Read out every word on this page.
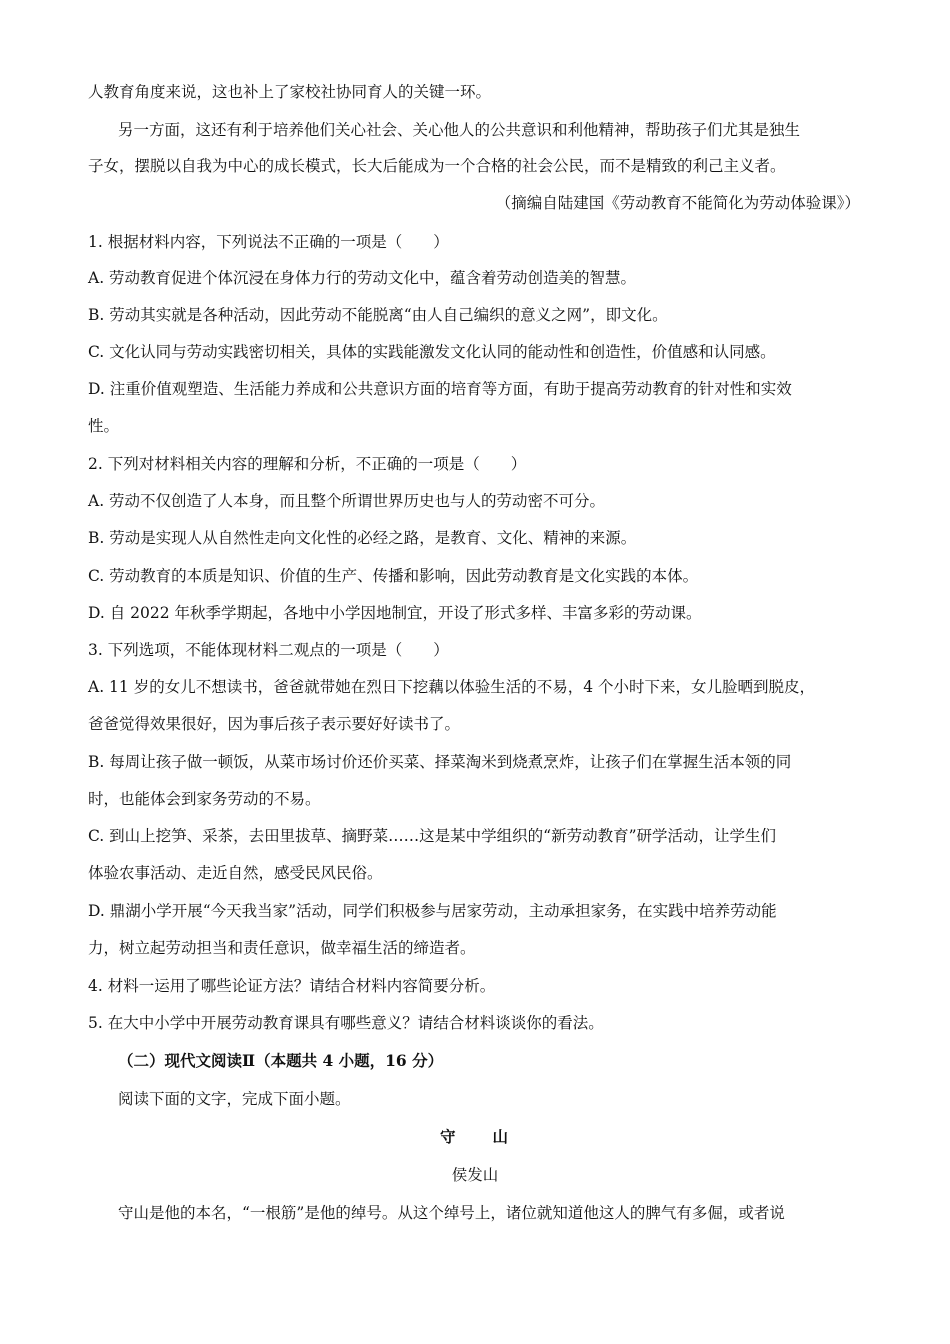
人教育角度来说，这也补上了家校社协同育人的关键一环。
另一方面，这还有利于培养他们关心社会、关心他人的公共意识和利他精神，帮助孩子们尤其是独生
子女，摆脱以自我为中心的成长模式，长大后能成为一个合格的社会公民，而不是精致的利己主义者。
（摘编自陆建国《劳动教育不能简化为劳动体验课》）
1. 根据材料内容，下列说法不正确的一项是（　　）
A. 劳动教育促进个体沉浸在身体力行的劳动文化中，蕴含着劳动创造美的智慧。
B. 劳动其实就是各种活动，因此劳动不能脱离“由人自己编织的意义之网”，即文化。
C. 文化认同与劳动实践密切相关，具体的实践能激发文化认同的能动性和创造性，价值感和认同感。
D. 注重价值观塑造、生活能力养成和公共意识方面的培育等方面，有助于提高劳动教育的针对性和实效
性。
2. 下列对材料相关内容的理解和分析，不正确的一项是（　　）
A. 劳动不仅创造了人本身，而且整个所谓世界历史也与人的劳动密不可分。
B. 劳动是实现人从自然性走向文化性的必经之路，是教育、文化、精神的来源。
C. 劳动教育的本质是知识、价值的生产、传播和影响，因此劳动教育是文化实践的本体。
D. 自 2022 年秋季学期起，各地中小学因地制宜，开设了形式多样、丰富多彩的劳动课。
3. 下列选项，不能体现材料二观点的一项是（　　）
A. 11 岁的女儿不想读书，爸爸就带她在烈日下挖藕以体验生活的不易，4 个小时下来，女儿脸晒到脱皮，
爸爸觉得效果很好，因为事后孩子表示要好好读书了。
B. 每周让孩子做一顿饭，从菜市场讨价还价买菜、择菜淘米到烧煮烹炸，让孩子们在掌握生活本领的同
时，也能体会到家务劳动的不易。
C. 到山上挖笋、采茶，去田里拔草、摘野菜……这是某中学组织的“新劳动教育”研学活动，让学生们
体验农事活动、走近自然，感受民风民俗。
D. 鼎湖小学开展“今天我当家”活动，同学们积极参与居家劳动，主动承担家务，在实践中培养劳动能
力，树立起劳动担当和责任意识，做幸福生活的缔造者。
4. 材料一运用了哪些论证方法？请结合材料内容简要分析。
5. 在大中小学中开展劳动教育课具有哪些意义？请结合材料谈谈你的看法。
（二）现代文阅读Ⅱ（本题共 4 小题，16 分）
阅读下面的文字，完成下面小题。
守　　山
侯发山
守山是他的本名，“一根筋”是他的绰号。从这个绰号上，诸位就知道他这人的脾气有多倔，或者说
